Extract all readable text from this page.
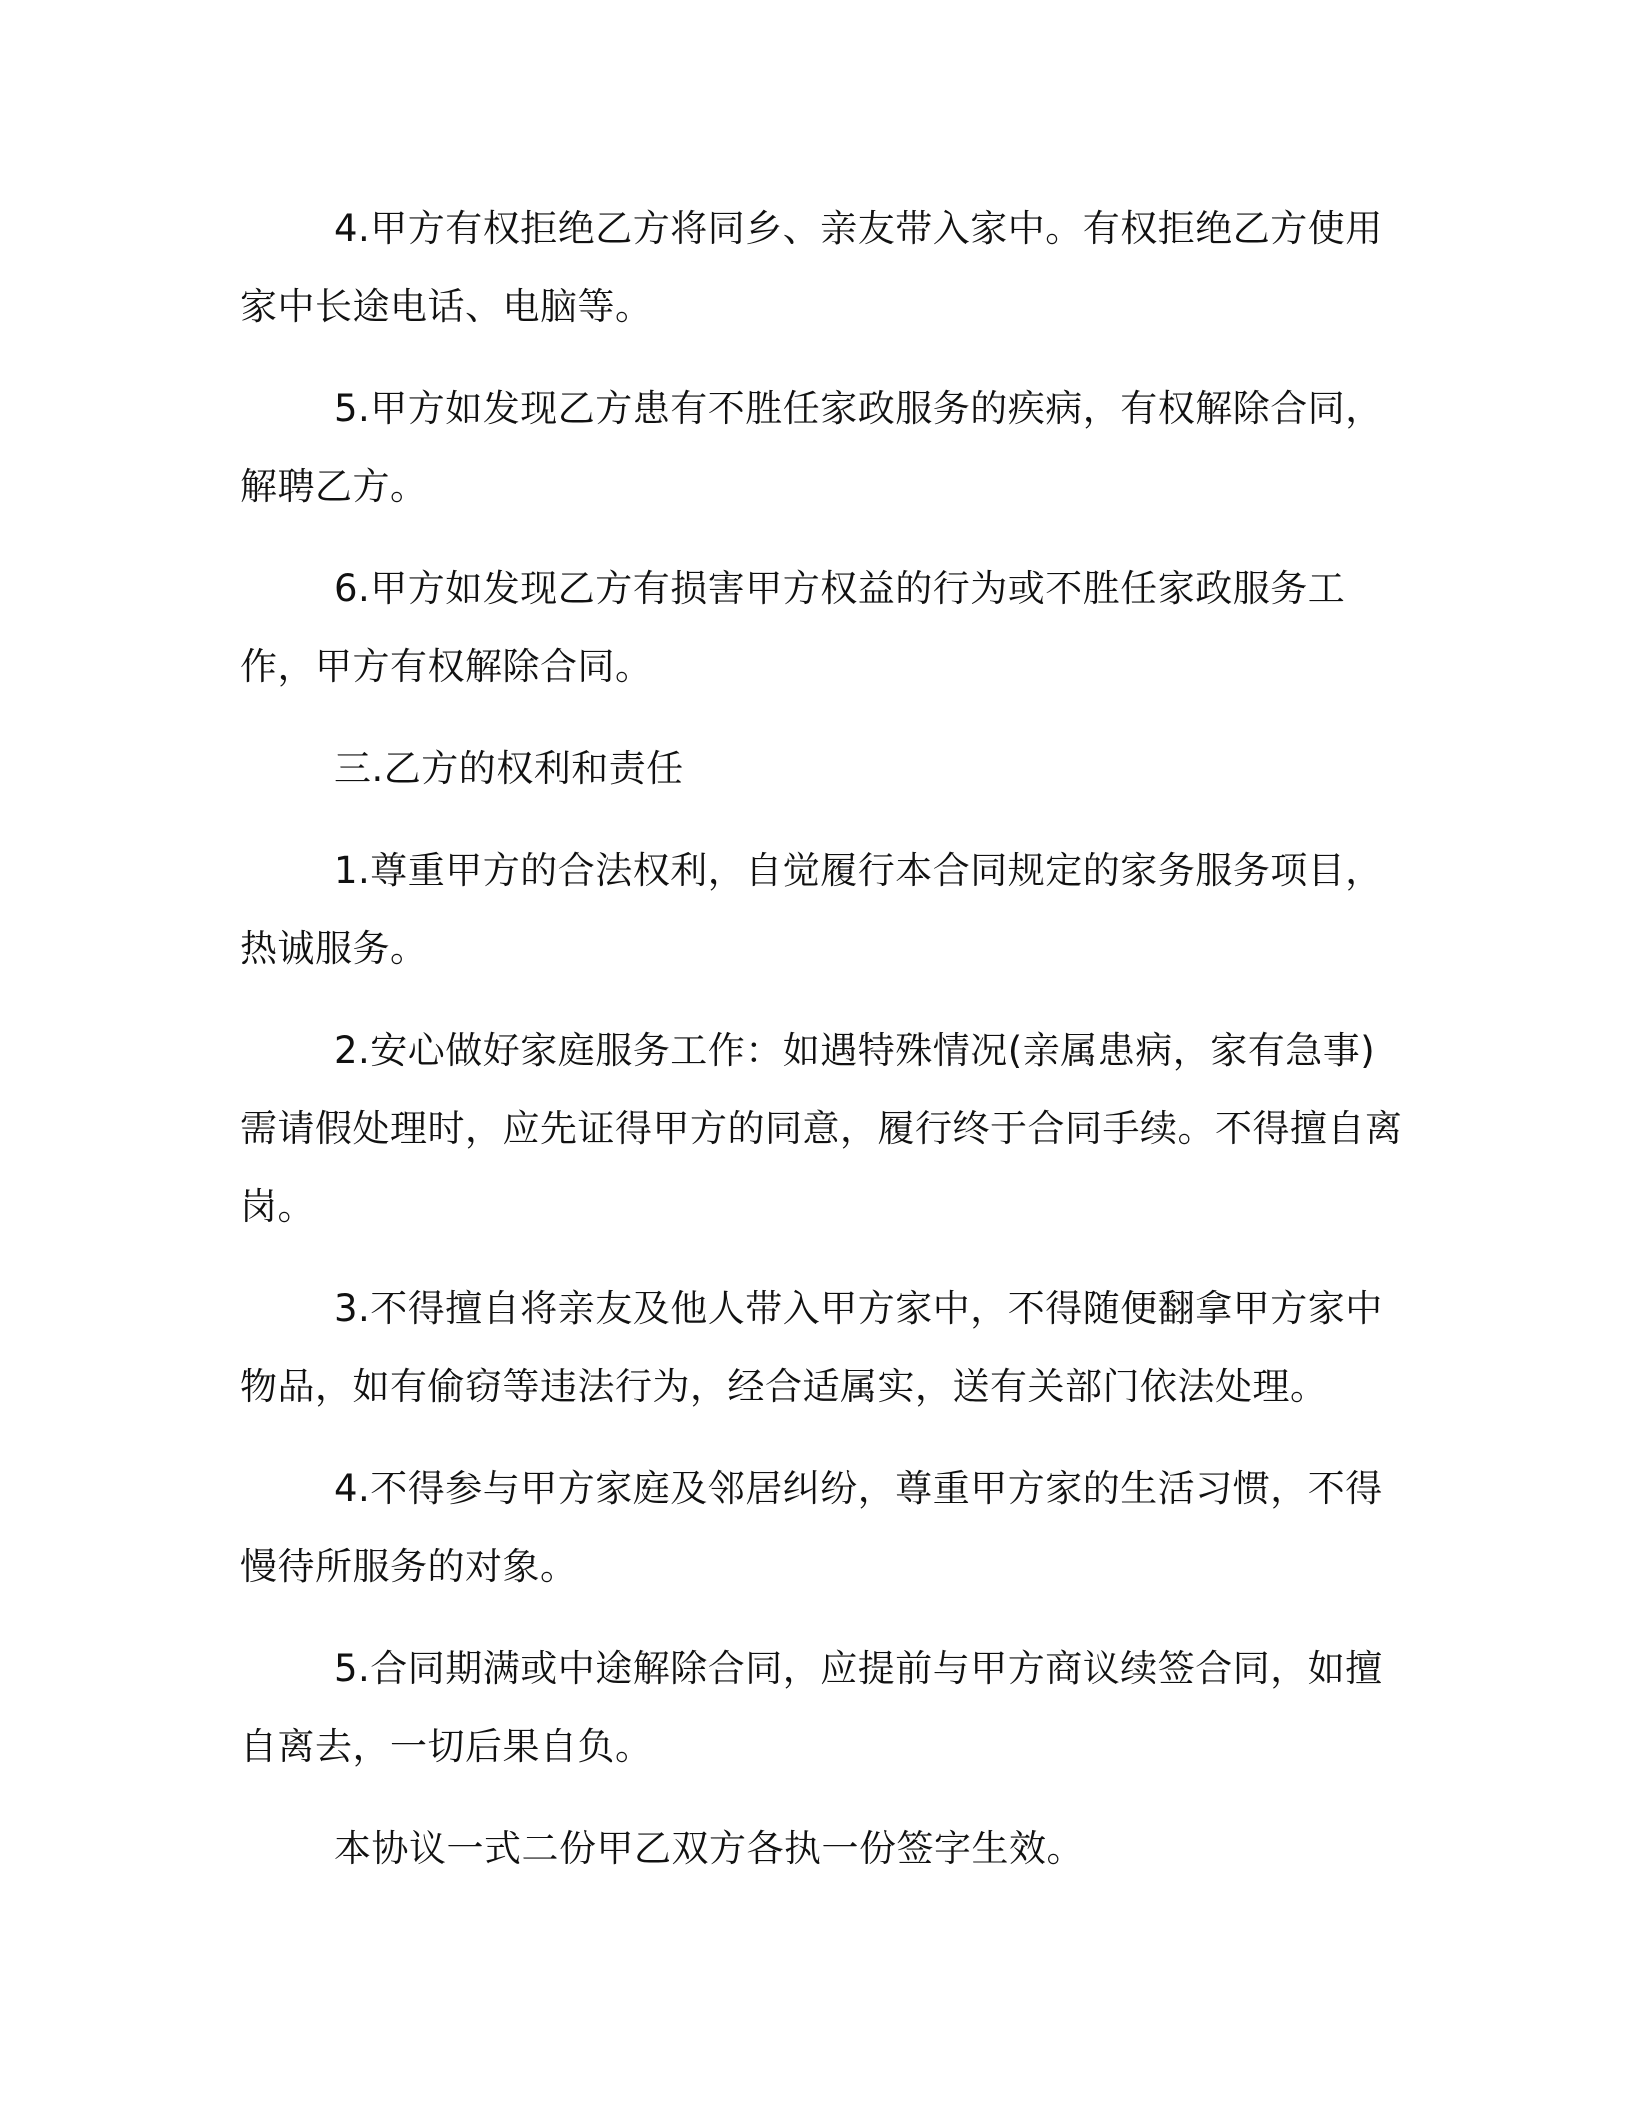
4.甲方有权拒绝乙方将同乡、亲友带入家中。有权拒绝乙方使用家中长途电话、电脑等。

5.甲方如发现乙方患有不胜任家政服务的疾病，有权解除合同，解聘乙方。

6.甲方如发现乙方有损害甲方权益的行为或不胜任家政服务工作，甲方有权解除合同。

三.乙方的权利和责任

1.尊重甲方的合法权利，自觉履行本合同规定的家务服务项目，热诚服务。

2.安心做好家庭服务工作：如遇特殊情况(亲属患病，家有急事)需请假处理时，应先证得甲方的同意，履行终于合同手续。不得擅自离岗。

3.不得擅自将亲友及他人带入甲方家中，不得随便翻拿甲方家中物品，如有偷窃等违法行为，经合适属实，送有关部门依法处理。

4.不得参与甲方家庭及邻居纠纷，尊重甲方家的生活习惯，不得慢待所服务的对象。

5.合同期满或中途解除合同，应提前与甲方商议续签合同，如擅自离去，一切后果自负。

本协议一式二份甲乙双方各执一份签字生效。
